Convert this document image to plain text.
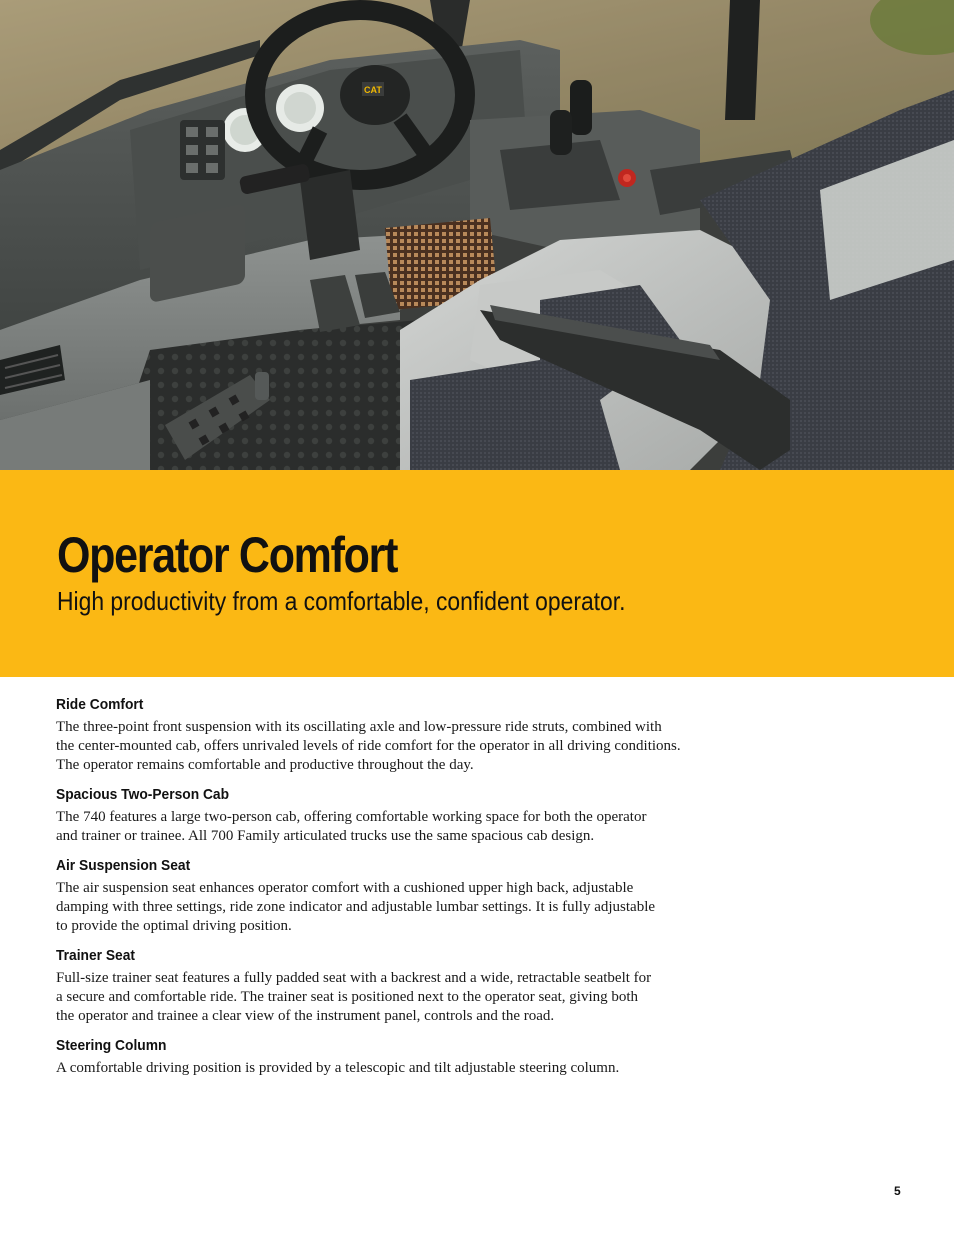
CAT
Operator Comfort

High productivity from a comfortable, confident operator.

Ride Comfort
The three-point front suspension with its oscillating axle and low-pressure ride struts, combined with
the center-mounted cab, offers unrivaled levels of ride comfort for the operator in all driving conditions.
The operator remains comfortable and productive throughout the day.
Spacious Two-Person Cab
The 740 features a large two-person cab, offering comfortable working space for both the operator
and trainer or trainee. All 700 Family articulated trucks use the same spacious cab design.
Air Suspension Seat
The air suspension seat enhances operator comfort with a cushioned upper high back, adjustable
damping with three settings, ride zone indicator and adjustable lumbar settings. It is fully adjustable
to provide the optimal driving position.
Trainer Seat
Full-size trainer seat features a fully padded seat with a backrest and a wide, retractable seatbelt for
a secure and comfortable ride. The trainer seat is positioned next to the operator seat, giving both
the operator and trainee a clear view of the instrument panel, controls and the road.
Steering Column
A comfortable driving position is provided by a telescopic and tilt adjustable steering column.
5
